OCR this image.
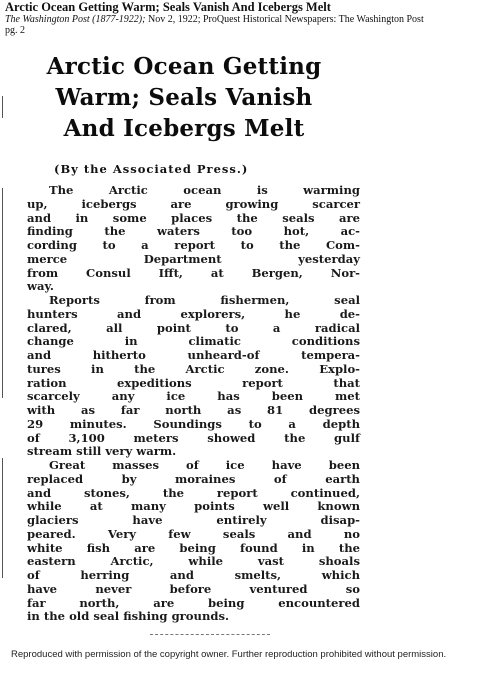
Arctic Ocean Getting Warm; Seals Vanish And Icebergs Melt

The Washington Post (1877-1922); Nov 2, 1922; ProQuest Historical Newspapers: The Washington Post

pg. 2

Arctic Ocean Getting
Warm; Seals Vanish
And Icebergs Melt
(By the Associated Press.)
The Arctic ocean is warming
up, icebergs are growing scarcer
and in some places the seals are
finding the waters too hot, ac-
cording to a report to the Com-
merce Department yesterday
from Consul Ifft, at Bergen, Nor-
way.
Reports from fishermen, seal
hunters and explorers, he de-
clared, all point to a radical
change in climatic conditions
and hitherto unheard-of tempera-
tures in the Arctic zone. Explo-
ration expeditions report that
scarcely any ice has been met
with as far north as 81 degrees
29 minutes. Soundings to a depth
of 3,100 meters showed the gulf
stream still very warm.
Great masses of ice have been
replaced by moraines of earth
and stones, the report continued,
while at many points well known
glaciers have entirely disap-
peared. Very few seals and no
white fish are being found in the
eastern Arctic, while vast shoals
of herring and smelts, which
have never before ventured so
far north, are being encountered
in the old seal fishing grounds.
Reproduced with permission of the copyright owner. Further reproduction prohibited without permission.
